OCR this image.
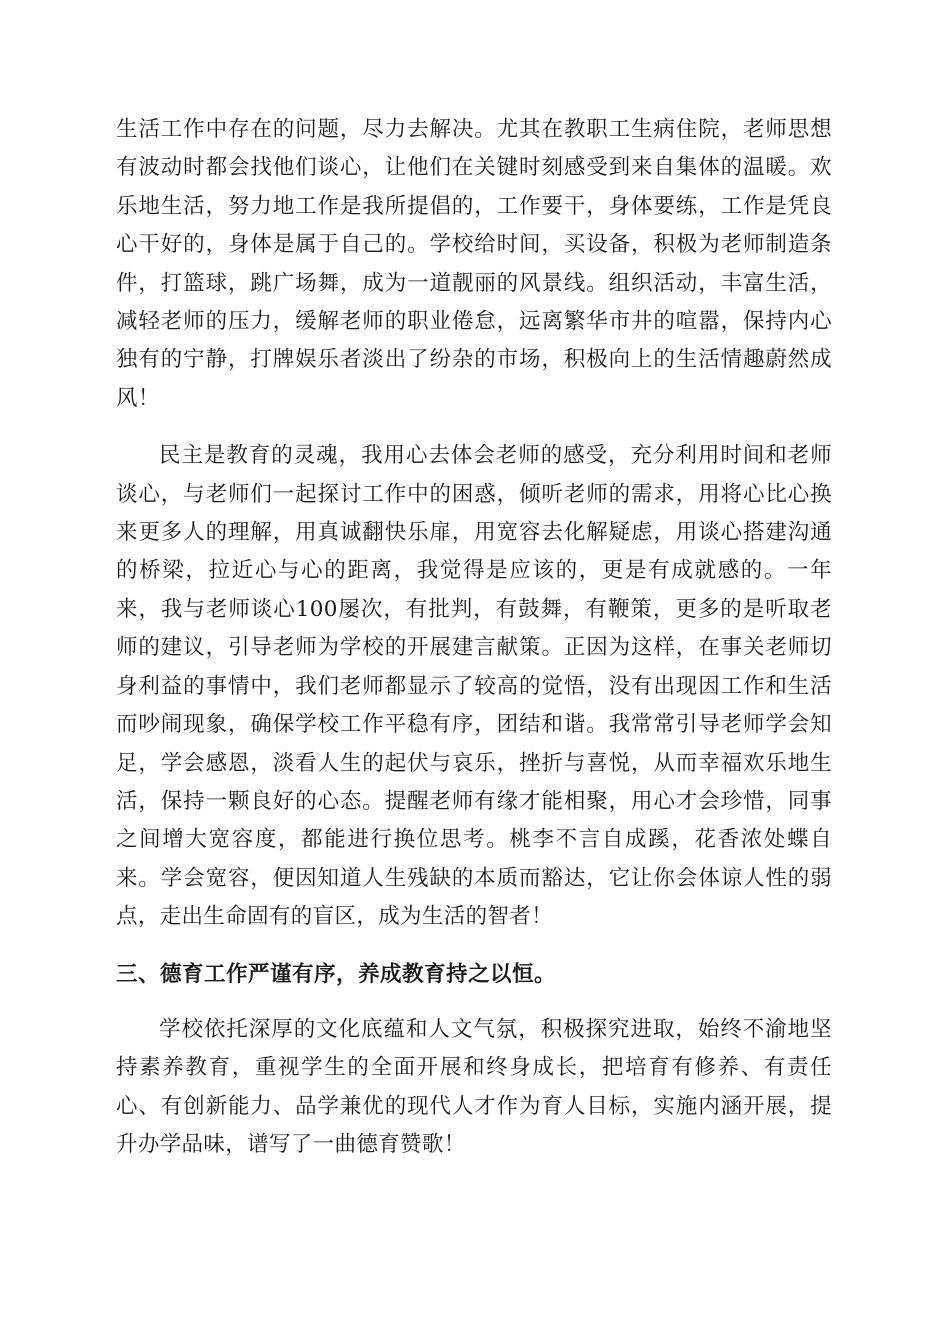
生活工作中存在的问题，尽力去解决。尤其在教职工生病住院，老师思想有波动时都会找他们谈心，让他们在关键时刻感受到来自集体的温暖。欢乐地生活，努力地工作是我所提倡的，工作要干，身体要练，工作是凭良心干好的，身体是属于自己的。学校给时间，买设备，积极为老师制造条件，打篮球，跳广场舞，成为一道靓丽的风景线。组织活动，丰富生活，减轻老师的压力，缓解老师的职业倦怠，远离繁华市井的喧嚣，保持内心独有的宁静，打牌娱乐者淡出了纷杂的市场，积极向上的生活情趣蔚然成风！

民主是教育的灵魂，我用心去体会老师的感受，充分利用时间和老师谈心，与老师们一起探讨工作中的困惑，倾听老师的需求，用将心比心换来更多人的理解，用真诚翻快乐扉，用宽容去化解疑虑，用谈心搭建沟通的桥梁，拉近心与心的距离，我觉得是应该的，更是有成就感的。一年来，我与老师谈心100屡次，有批判，有鼓舞，有鞭策，更多的是听取老师的建议，引导老师为学校的开展建言献策。正因为这样，在事关老师切身利益的事情中，我们老师都显示了较高的觉悟，没有出现因工作和生活而吵闹现象，确保学校工作平稳有序，团结和谐。我常常引导老师学会知足，学会感恩，淡看人生的起伏与哀乐，挫折与喜悦，从而幸福欢乐地生活，保持一颗良好的心态。提醒老师有缘才能相聚，用心才会珍惜，同事之间增大宽容度，都能进行换位思考。桃李不言自成蹊，花香浓处蝶自来。学会宽容，便因知道人生残缺的本质而豁达，它让你会体谅人性的弱点，走出生命固有的盲区，成为生活的智者！

三、德育工作严谨有序，养成教育持之以恒。

学校依托深厚的文化底蕴和人文气氛，积极探究进取，始终不渝地坚持素养教育，重视学生的全面开展和终身成长，把培育有修养、有责任心、有创新能力、品学兼优的现代人才作为育人目标，实施内涵开展，提升办学品味，谱写了一曲德育赞歌！
